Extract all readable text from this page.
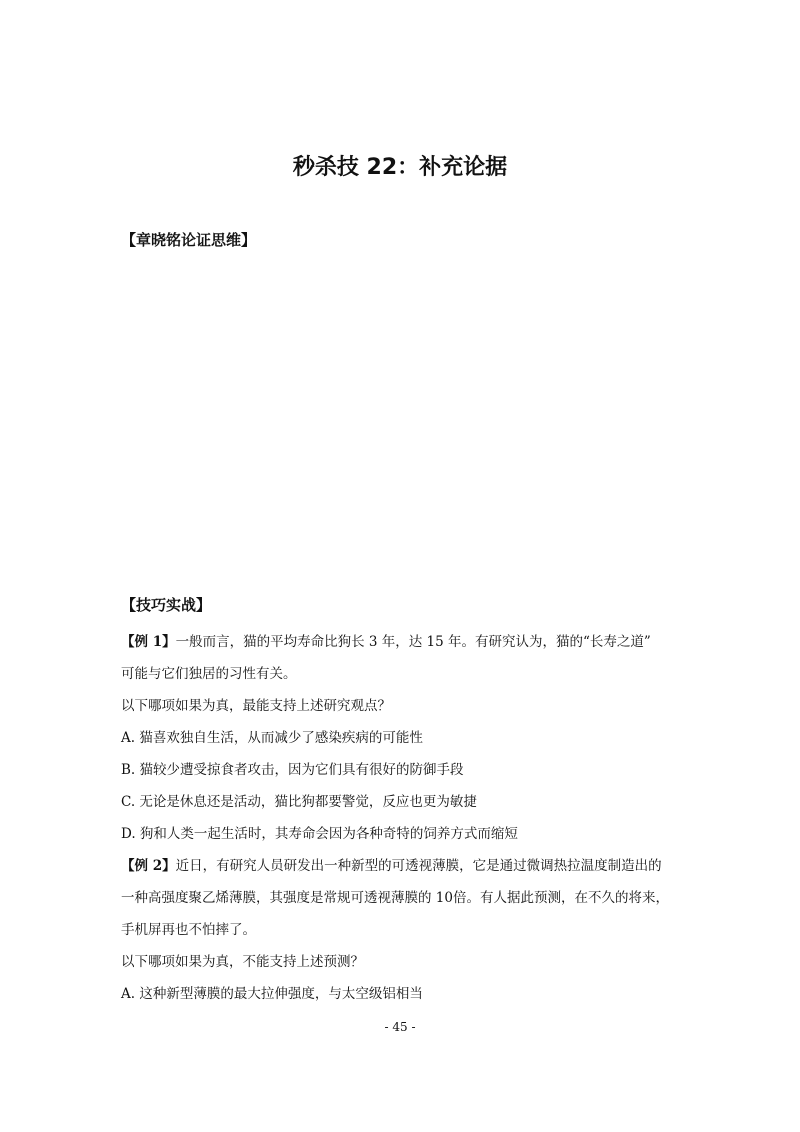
秒杀技 22：补充论据
【章晓铭论证思维】
【技巧实战】
【例 1】一般而言，猫的平均寿命比狗长 3 年，达 15 年。有研究认为，猫的“长寿之道”
可能与它们独居的习性有关。
以下哪项如果为真，最能支持上述研究观点？
A. 猫喜欢独自生活，从而减少了感染疾病的可能性
B. 猫较少遭受掠食者攻击，因为它们具有很好的防御手段
C. 无论是休息还是活动，猫比狗都要警觉，反应也更为敏捷
D. 狗和人类一起生活时，其寿命会因为各种奇特的饲养方式而缩短
【例 2】近日，有研究人员研发出一种新型的可透视薄膜，它是通过微调热拉温度制造出的
一种高强度聚乙烯薄膜，其强度是常规可透视薄膜的 10倍。有人据此预测，在不久的将来，
手机屏再也不怕摔了。
以下哪项如果为真，不能支持上述预测？
A. 这种新型薄膜的最大拉伸强度，与太空级铝相当
- 45 -
